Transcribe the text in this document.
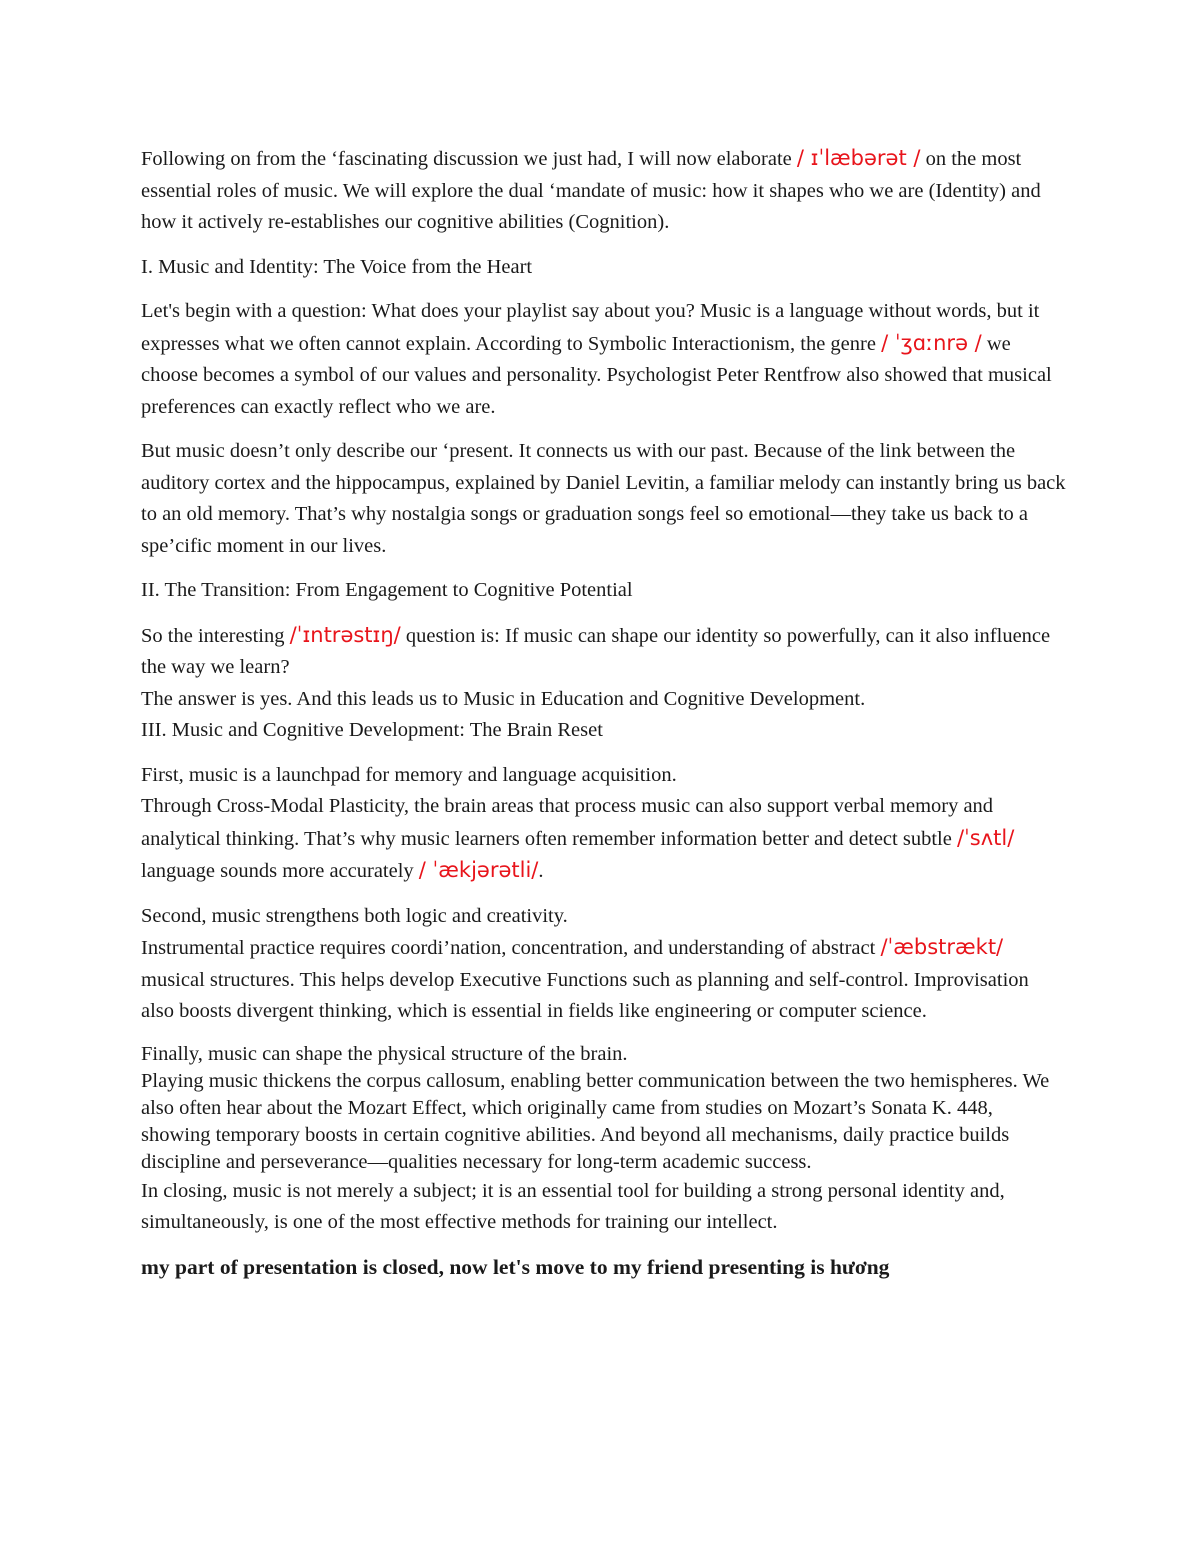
Following on from the ‘fascinating discussion we just had, I will now elaborate / ɪˈlæbərət / on the most essential roles of music. We will explore the dual ‘mandate of music: how it shapes who we are (Identity) and how it actively re-establishes our cognitive abilities (Cognition).

I. Music and Identity: The Voice from the Heart

Let's begin with a question: What does your playlist say about you? Music is a language without words, but it expresses what we often cannot explain. According to Symbolic Interactionism, the genre / ˈʒɑːnrə / we choose becomes a symbol of our values and personality. Psychologist Peter Rentfrow also showed that musical preferences can exactly reflect who we are.

But music doesn’t only describe our ‘present. It connects us with our past. Because of the link between the auditory cortex and the hippocampus, explained by Daniel Levitin, a familiar melody can instantly bring us back to an old memory. That’s why nostalgia songs or graduation songs feel so emotional—they take us back to a spe’cific moment in our lives.

II. The Transition: From Engagement to Cognitive Potential

So the interesting /ˈɪntrəstɪŋ/ question is: If music can shape our identity so powerfully, can it also influence the way we learn?

The answer is yes. And this leads us to Music in Education and Cognitive Development.

III. Music and Cognitive Development: The Brain Reset

First, music is a launchpad for memory and language acquisition.

Through Cross-Modal Plasticity, the brain areas that process music can also support verbal memory and analytical thinking. That’s why music learners often remember information better and detect subtle /ˈsʌtl/ language sounds more accurately / ˈækjərətli/.

Second, music strengthens both logic and creativity.

Instrumental practice requires coordi’nation, concentration, and understanding of abstract /ˈæbstrækt/ musical structures. This helps develop Executive Functions such as planning and self-control. Improvisation also boosts divergent thinking, which is essential in fields like engineering or computer science.

Finally, music can shape the physical structure of the brain.

Playing music thickens the corpus callosum, enabling better communication between the two hemispheres. We also often hear about the Mozart Effect, which originally came from studies on Mozart’s Sonata K. 448, showing temporary boosts in certain cognitive abilities. And beyond all mechanisms, daily practice builds discipline and perseverance—qualities necessary for long-term academic success.

In closing, music is not merely a subject; it is an essential tool for building a strong personal identity and, simultaneously, is one of the most effective methods for training our intellect.

my part of presentation is closed, now let's move to my friend presenting is hương
